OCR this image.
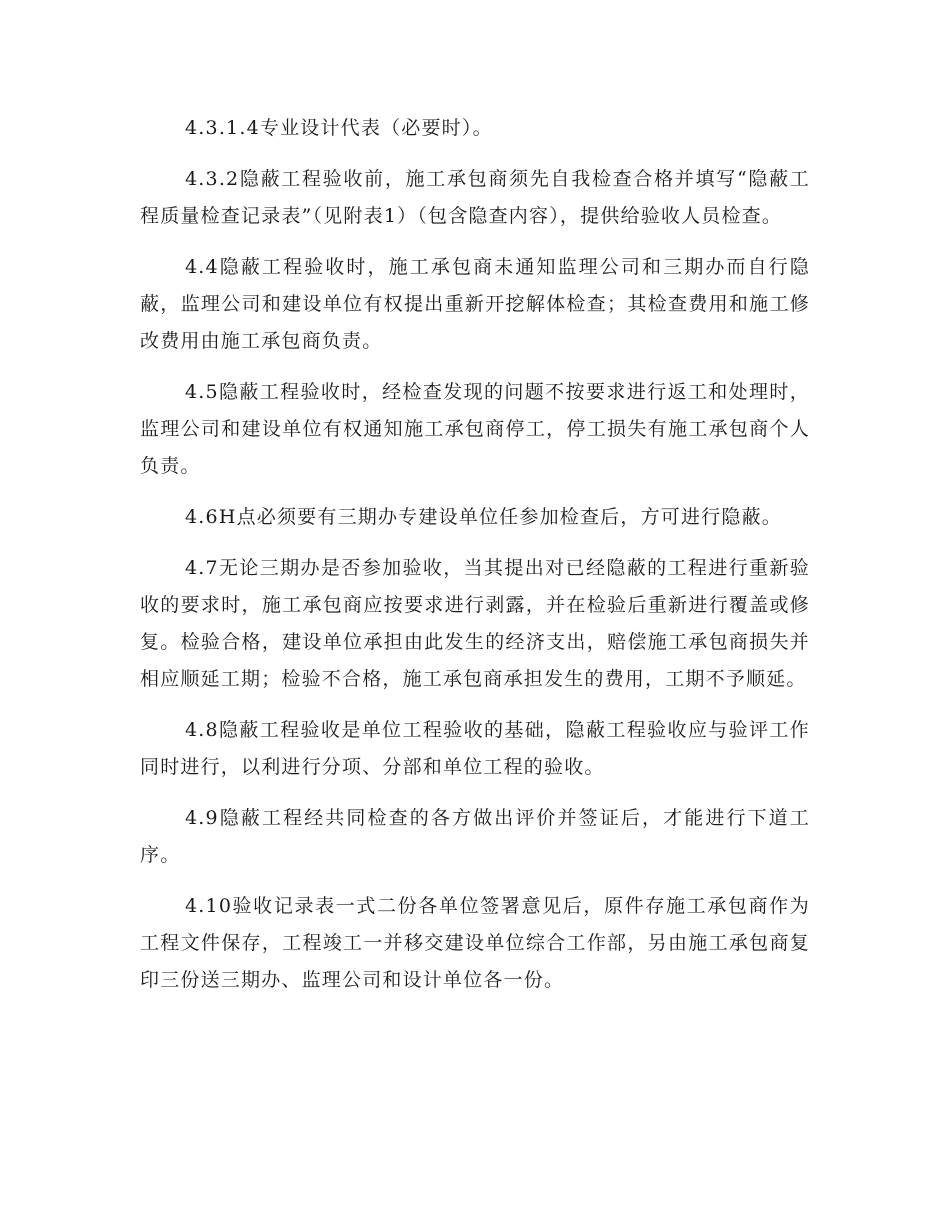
4.3.1.4专业设计代表（必要时）。

4.3.2隐蔽工程验收前，施工承包商须先自我检查合格并填写“隐蔽工程质量检查记录表”（见附表1）（包含隐查内容），提供给验收人员检查。

4.4隐蔽工程验收时，施工承包商未通知监理公司和三期办而自行隐蔽，监理公司和建设单位有权提出重新开挖解体检查；其检查费用和施工修改费用由施工承包商负责。

4.5隐蔽工程验收时，经检查发现的问题不按要求进行返工和处理时，监理公司和建设单位有权通知施工承包商停工，停工损失有施工承包商个人负责。

4.6H点必须要有三期办专建设单位任参加检查后，方可进行隐蔽。

4.7无论三期办是否参加验收，当其提出对已经隐蔽的工程进行重新验收的要求时，施工承包商应按要求进行剥露，并在检验后重新进行覆盖或修复。检验合格，建设单位承担由此发生的经济支出，赔偿施工承包商损失并相应顺延工期；检验不合格，施工承包商承担发生的费用，工期不予顺延。

4.8隐蔽工程验收是单位工程验收的基础，隐蔽工程验收应与验评工作同时进行，以利进行分项、分部和单位工程的验收。

4.9隐蔽工程经共同检查的各方做出评价并签证后，才能进行下道工序。

4.10验收记录表一式二份各单位签署意见后，原件存施工承包商作为工程文件保存，工程竣工一并移交建设单位综合工作部，另由施工承包商复印三份送三期办、监理公司和设计单位各一份。
